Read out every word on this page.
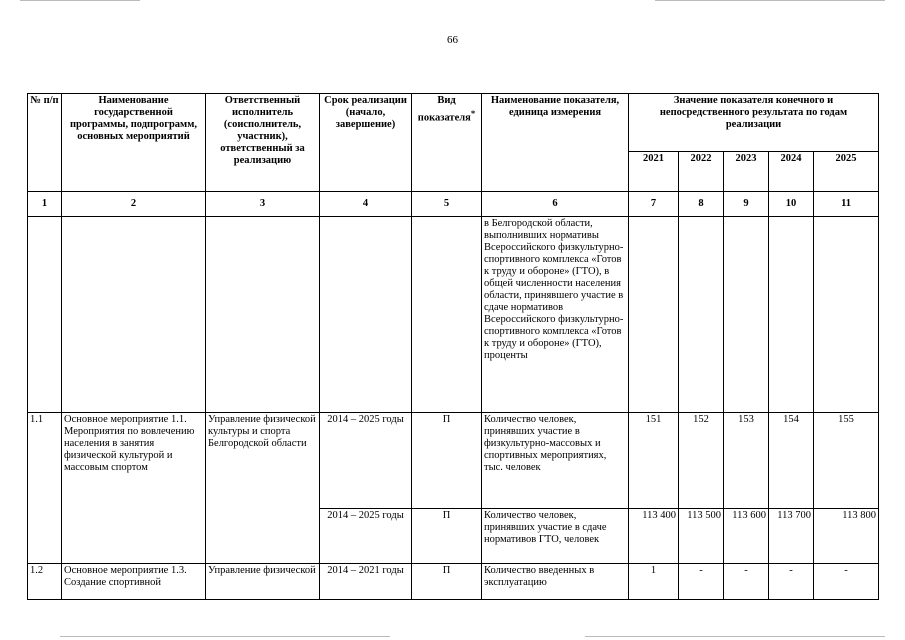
66
№ п/п	Наименование государственной программы, подпрограмм, основных мероприятий	Ответственный исполнитель (соисполнитель, участник), ответственный за реализацию	Срок реализации (начало, завершение)	Вид показателя*	Наименование показателя, единица измерения	Значение показателя конечного и непосредственного результата по годам реализации				
						2021	2022	2023	2024	2025
1	2	3	4	5	6	7	8	9	10	11
					в Белгородской области, выполнивших нормативы Всероссийского физкультурно-спортивного комплекса «Готов к труду и обороне» (ГТО), в общей численности населения области, принявшего участие в сдаче нормативов Всероссийского физкультурно-спортивного комплекса «Готов к труду и обороне» (ГТО), проценты					
1.1	Основное мероприятие 1.1. Мероприятия по вовлечению населения в занятия физической культурой и массовым спортом	Управление физической культуры и спорта Белгородской области	2014 – 2025 годы	П	Количество человек, принявших участие в физкультурно-массовых и спортивных мероприятиях, тыс. человек	151	152	153	154	155
			2014 – 2025 годы	П	Количество человек, принявших участие в сдаче нормативов ГТО, человек	113 400	113 500	113 600	113 700	113 800
1.2	Основное мероприятие 1.3. Создание спортивной	Управление физической	2014 – 2021 годы	П	Количество введенных в эксплуатацию	1	-	-	-	-
